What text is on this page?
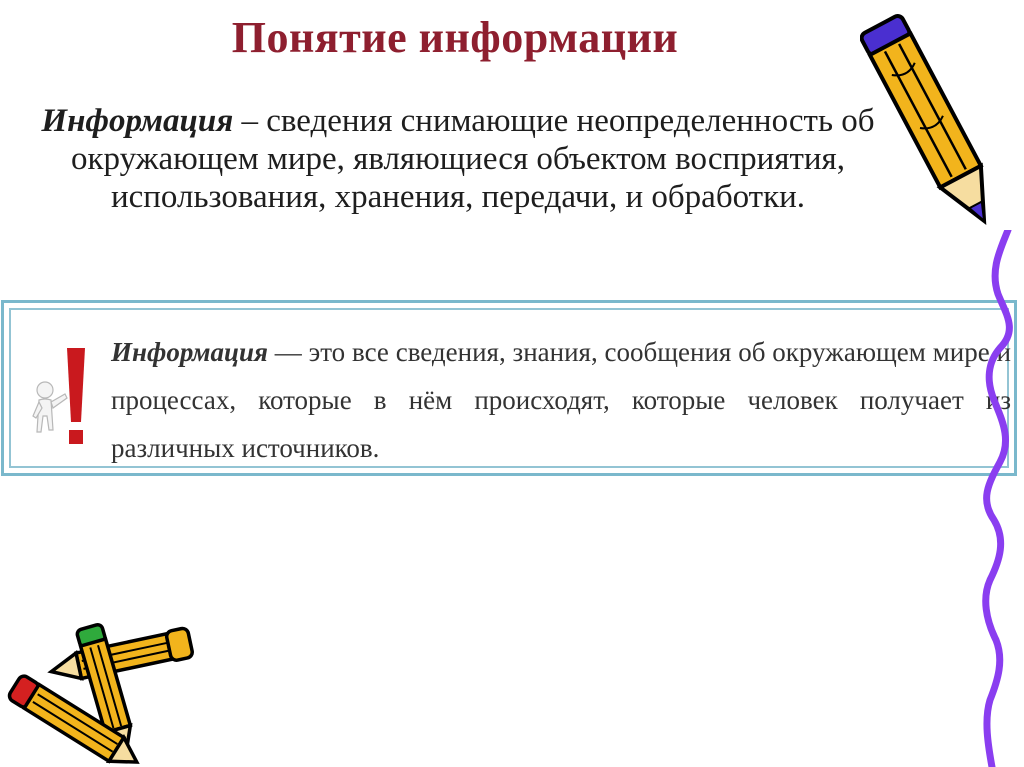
Понятие информации
Информация – сведения снимающие неопределенность об окружающем мире, являющиеся объектом восприятия, использования, хранения, передачи, и обработки.
Информация — это все сведения, знания, сообщения об окружающем мире и процессах, которые в нём происходят, которые человек получает из различных источников.
